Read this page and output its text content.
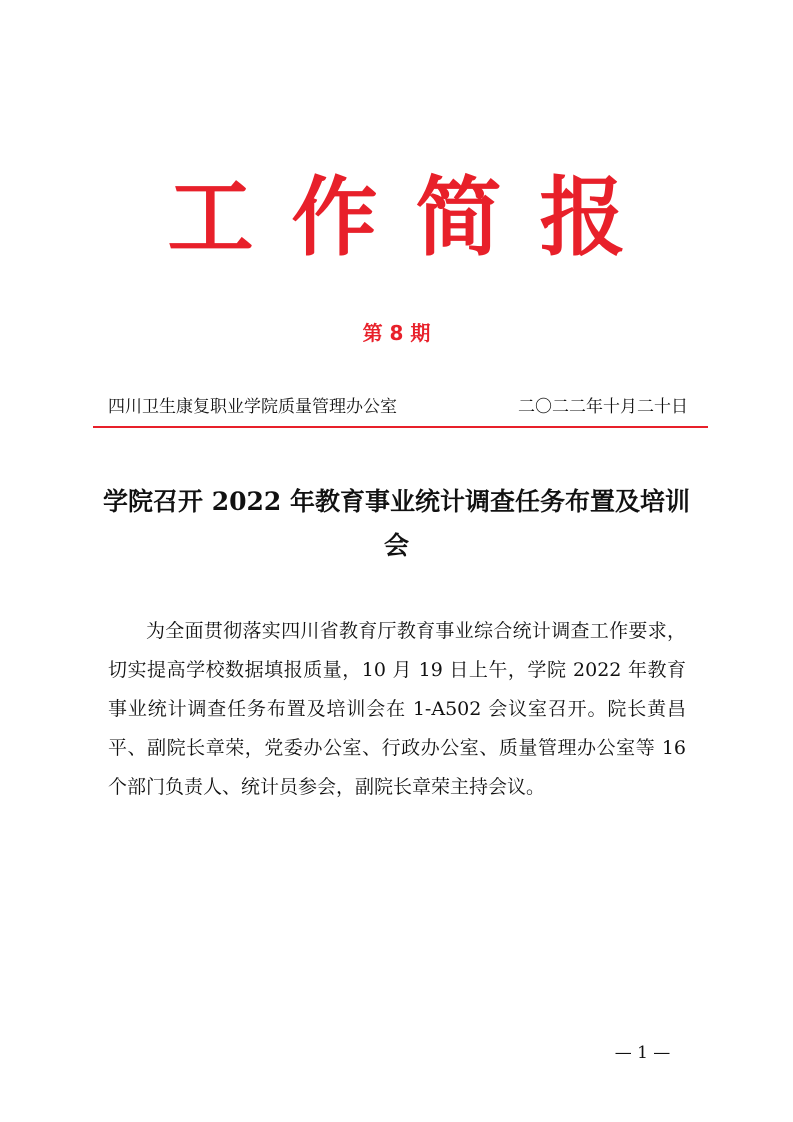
工作简报
第 8 期
四川卫生康复职业学院质量管理办公室	二〇二二年十月二十日
学院召开 2022 年教育事业统计调查任务布置及培训会

为全面贯彻落实四川省教育厅教育事业综合统计调查工作要求，切实提高学校数据填报质量，10 月 19 日上午，学院 2022 年教育事业统计调查任务布置及培训会在 1-A502 会议室召开。院长黄昌平、副院长章荣，党委办公室、行政办公室、质量管理办公室等 16 个部门负责人、统计员参会，副院长章荣主持会议。

— 1 —
